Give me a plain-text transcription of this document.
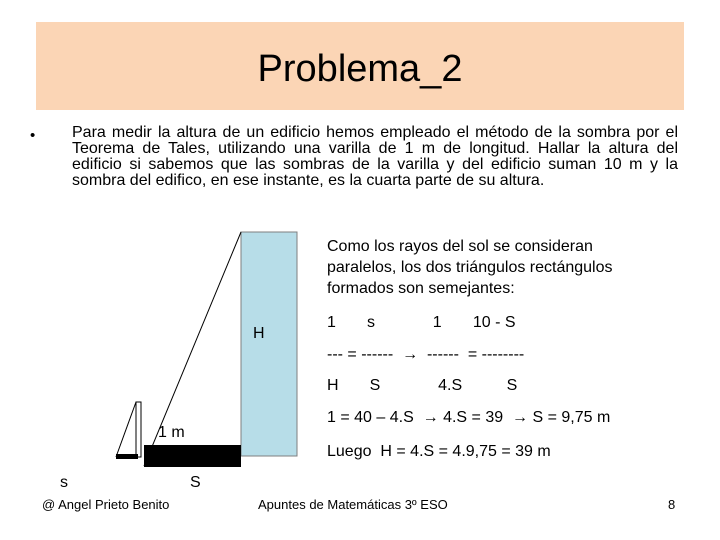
Problema_2
• Para medir la altura de un edificio hemos empleado el método de la sombra por el Teorema de Tales, utilizando una varilla de 1 m de longitud. Hallar la altura del edificio si sabemos que las sombras de la varilla y del edificio suman 10 m y la sombra del edifico, en ese instante, es la cuarta parte de su altura.
H
1 m
s	S
Como los rayos del sol se consideran
paralelos, los dos triángulos rectángulos
formados son semejantes:
1       s             1       10 - S
--- = ------  →  ------  = --------
H       S             4.S          S
1 = 40 – 4.S  → 4.S = 39  → S = 9,75 m
Luego  H = 4.S = 4.9,75 = 39 m
@ Angel Prieto Benito	Apuntes de Matemáticas 3º ESO	8
